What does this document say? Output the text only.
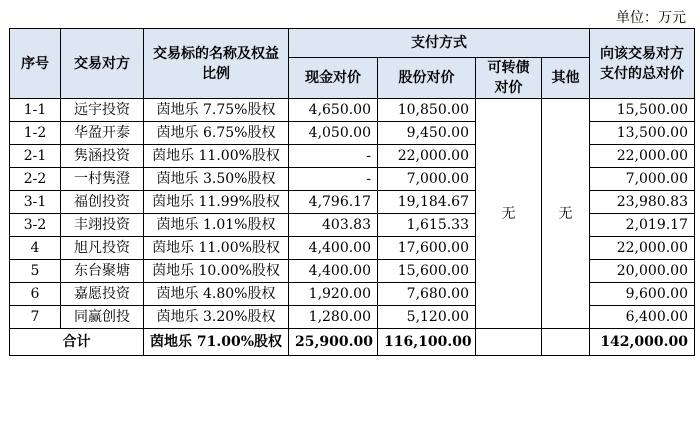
单位：万元
序号	交易对方	交易标的名称及权益比例	支付方式				向该交易对方支付的总对价
			现金对价	股份对价	可转债对价	其他	
1-1	远宇投资	茵地乐 7.75%股权	4,650.00	10,850.00	无	无	15,500.00
1-2	华盈开泰	茵地乐 6.75%股权	4,050.00	9,450.00			13,500.00
2-1	隽涵投资	茵地乐 11.00%股权	-	22,000.00			22,000.00
2-2	一村隽澄	茵地乐 3.50%股权	-	7,000.00			7,000.00
3-1	福创投资	茵地乐 11.99%股权	4,796.17	19,184.67			23,980.83
3-2	丰翊投资	茵地乐 1.01%股权	403.83	1,615.33			2,019.17
4	旭凡投资	茵地乐 11.00%股权	4,400.00	17,600.00			22,000.00
5	东台聚塘	茵地乐 10.00%股权	4,400.00	15,600.00			20,000.00
6	嘉愿投资	茵地乐 4.80%股权	1,920.00	7,680.00			9,600.00
7	同赢创投	茵地乐 3.20%股权	1,280.00	5,120.00			6,400.00
合计		茵地乐 71.00%股权	25,900.00	116,100.00			142,000.00
